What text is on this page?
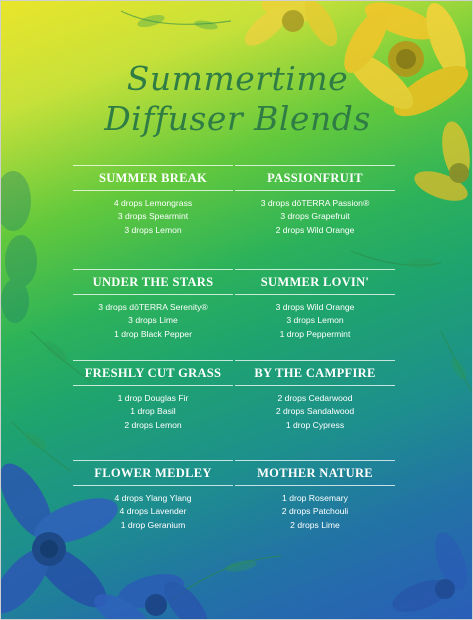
Summertime
Diffuser Blends
SUMMER BREAK
4 drops Lemongrass
3 drops Spearmint
3 drops Lemon
PASSIONFRUIT
3 drops dōTERRA Passion®
3 drops Grapefruit
2 drops Wild Orange
UNDER THE STARS
3 drops dōTERRA Serenity®
3 drops Lime
1 drop Black Pepper
SUMMER LOVIN'
3 drops Wild Orange
3 drops Lemon
1 drop Peppermint
FRESHLY CUT GRASS
1 drop Douglas Fir
1 drop Basil
2 drops Lemon
BY THE CAMPFIRE
2 drops Cedarwood
2 drops Sandalwood
1 drop Cypress
FLOWER MEDLEY
4 drops Ylang Ylang
4 drops Lavender
1 drop Geranium
MOTHER NATURE
1 drop Rosemary
2 drops Patchouli
2 drops Lime
